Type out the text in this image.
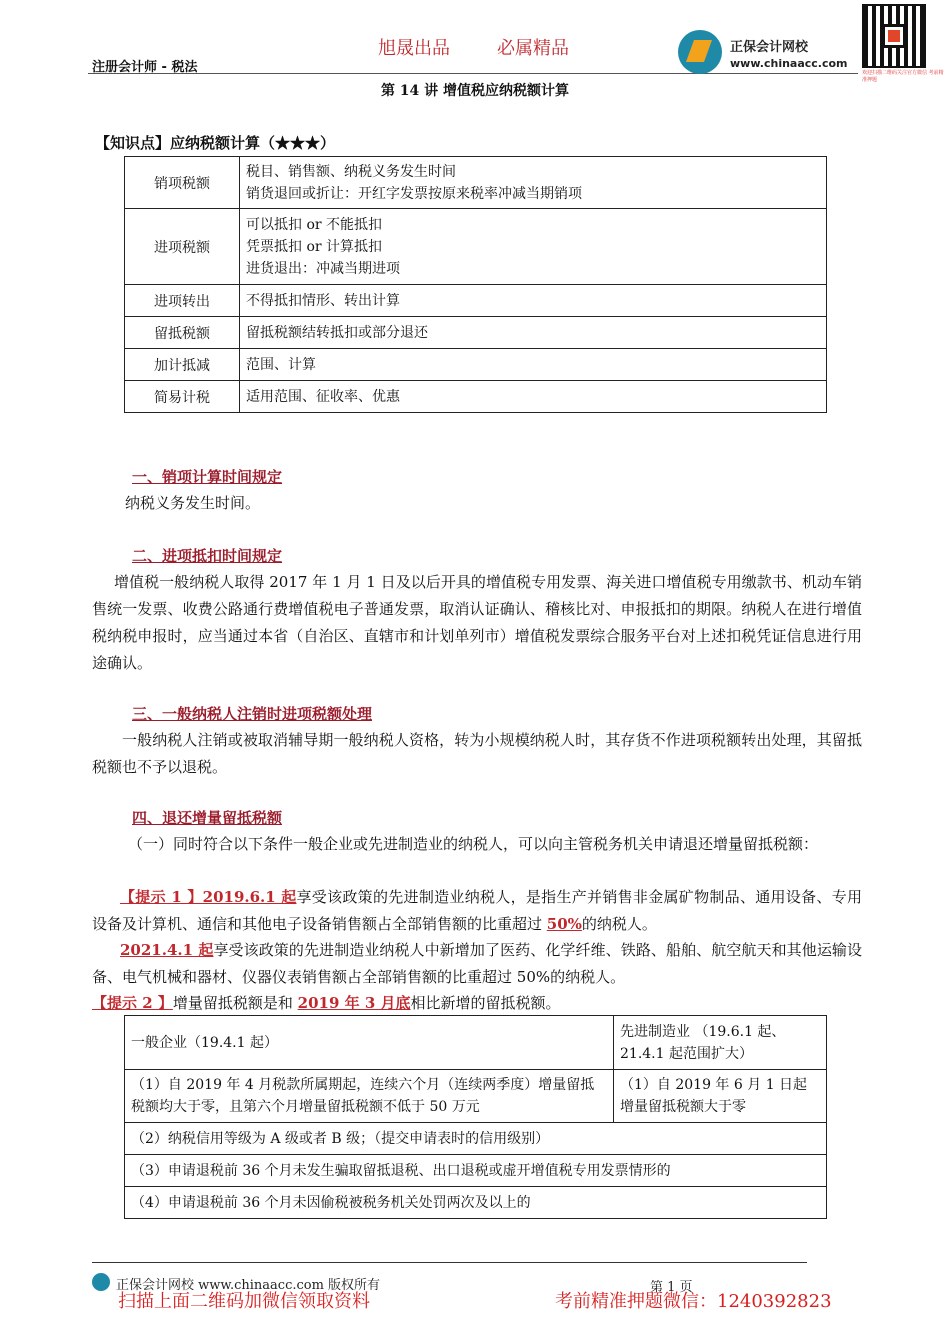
旭晟出品	必属精品
注册会计师 - 税法
正保会计网校
www.chinaacc.com
欢迎扫描二维码关注官方微信 考前精准押题
第 14 讲 增值税应纳税额计算
【知识点】应纳税额计算（★★★）
销项税额	税目、销售额、纳税义务发生时间
销货退回或折让：开红字发票按原来税率冲减当期销项

进项税额	可以抵扣 or 不能抵扣
凭票抵扣 or 计算抵扣
进货退出：冲减当期进项

进项转出	不得抵扣情形、转出计算
留抵税额	留抵税额结转抵扣或部分退还
加计抵减	范围、计算
简易计税	适用范围、征收率、优惠
一、销项计算时间规定
纳税义务发生时间。
二、进项抵扣时间规定
增值税一般纳税人取得 2017 年 1 月 1 日及以后开具的增值税专用发票、海关进口增值税专用缴款书、机动车销售统一发票、收费公路通行费增值税电子普通发票，取消认证确认、稽核比对、申报抵扣的期限。纳税人在进行增值税纳税申报时，应当通过本省（自治区、直辖市和计划单列市）增值税发票综合服务平台对上述扣税凭证信息进行用途确认。
三、一般纳税人注销时进项税额处理
一般纳税人注销或被取消辅导期一般纳税人资格，转为小规模纳税人时，其存货不作进项税额转出处理，其留抵税额也不予以退税。
四、退还增量留抵税额
（一）同时符合以下条件一般企业或先进制造业的纳税人，可以向主管税务机关申请退还增量留抵税额：
【提示 1 】2019.6.1 起享受该政策的先进制造业纳税人，是指生产并销售非金属矿物制品、通用设备、专用设备及计算机、通信和其他电子设备销售额占全部销售额的比重超过 50%的纳税人。
2021.4.1 起享受该政策的先进制造业纳税人中新增加了医药、化学纤维、铁路、船舶、航空航天和其他运输设备、电气机械和器材、仪器仪表销售额占全部销售额的比重超过 50%的纳税人。
【提示 2 】增量留抵税额是和 2019 年 3 月底相比新增的留抵税额。
一般企业（19.4.1 起）	先进制造业 （19.6.1 起、21.4.1 起范围扩大）
（1）自 2019 年 4 月税款所属期起，连续六个月（连续两季度）增量留抵税额均大于零，且第六个月增量留抵税额不低于 50 万元	（1）自 2019 年 6 月 1 日起增量留抵税额大于零
（2）纳税信用等级为 A 级或者 B 级；（提交申请表时的信用级别）	
（3）申请退税前 36 个月未发生骗取留抵退税、出口退税或虚开增值税专用发票情形的	
（4）申请退税前 36 个月未因偷税被税务机关处罚两次及以上的	
正保会计网校 www.chinaacc.com 版权所有	第 1 页
扫描上面二维码加微信领取资料	考前精准押题微信：1240392823
